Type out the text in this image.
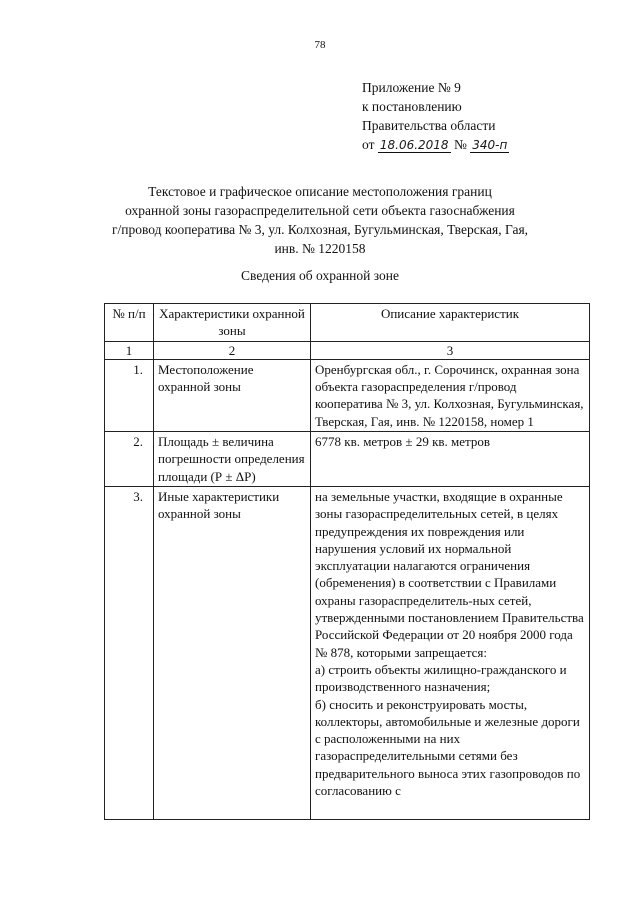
78
Приложение № 9
к постановлению
Правительства области
от 18.06.2018 № 340-п
Текстовое и графическое описание местоположения границ
охранной зоны газораспределительной сети объекта газоснабжения
г/провод кооператива № 3, ул. Колхозная, Бугульминская, Тверская, Гая,
инв. № 1220158
Сведения об охранной зоне
№ п/п	Характеристики охранной зоны	Описание характеристик
1	2	3
1.	Местоположение охранной зоны	Оренбургская обл., г. Сорочинск, охранная зона объекта газораспределения г/провод кооператива № 3, ул. Колхозная, Бугульминская, Тверская, Гая, инв. № 1220158, номер 1
2.	Площадь ± величина погрешности определения площади (Р ± ΔР)	6778 кв. метров ± 29 кв. метров
3.	Иные характеристики охранной зоны	на земельные участки, входящие в охранные зоны газораспределительных сетей, в целях предупреждения их повреждения или нарушения условий их нормальной эксплуатации налагаются ограничения (обременения) в соответствии с Правилами охраны газораспределитель-ных сетей, утвержденными постановлением Правительства Российской Федерации от 20 ноября 2000 года № 878, которыми запрещается:
а) строить объекты жилищно-гражданского и производственного назначения;
б) сносить и реконструировать мосты, коллекторы, автомобильные и железные дороги с расположенными на них газораспределительными сетями без предварительного выноса этих газопроводов по согласованию с
